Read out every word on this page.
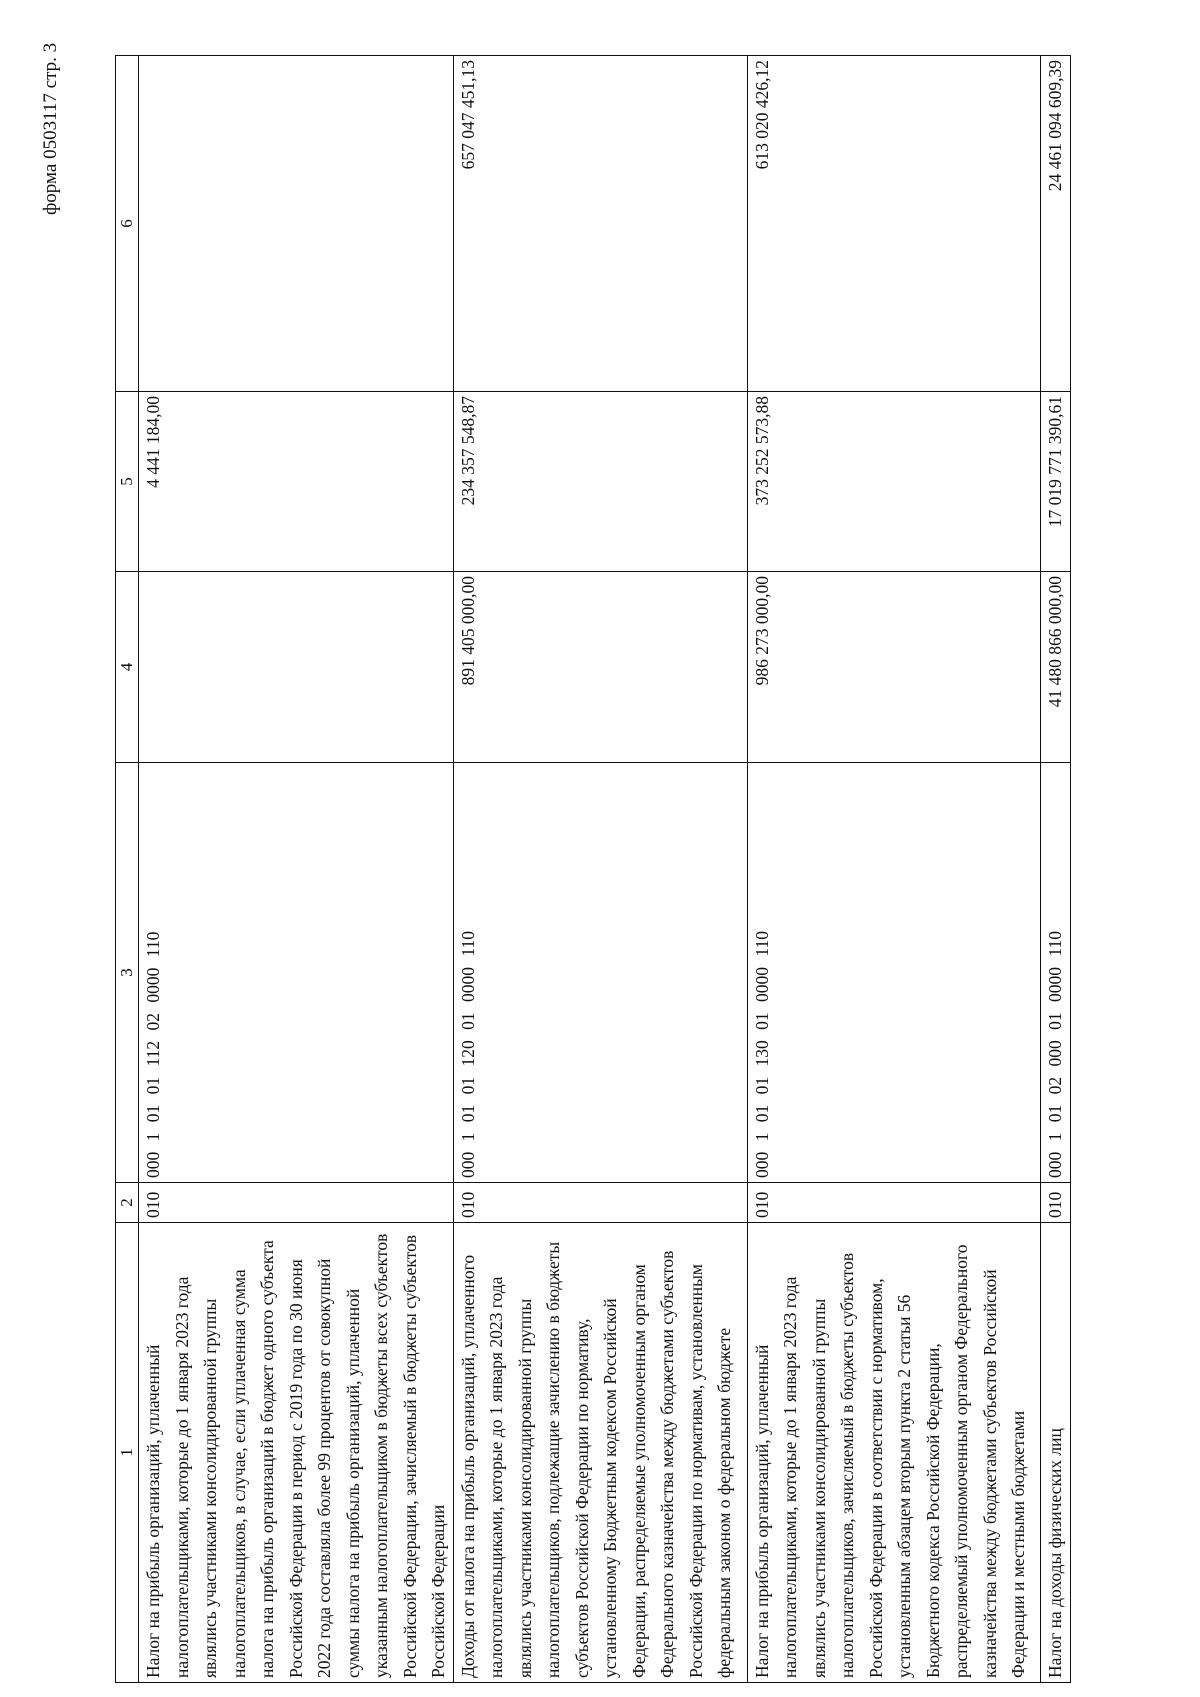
форма 0503117 стр. 3
1	2	3	4	5	6

Налог на прибыль организаций, уплаченный налогоплательщиками, которые до 1 января 2023 года являлись участниками консолидированной группы налогоплательщиков, в случае, если уплаченная сумма налога на прибыль организаций в бюджет одного субъекта Российской Федерации в период с 2019 года по 30 июня 2022 года составляла более 99 процентов от совокупной суммы налога на прибыль организаций, уплаченной указанным налогоплательщиком в бюджеты всех субъектов Российской Федерации, зачисляемый в бюджеты субъектов Российской Федерации	010	000 1 01 01 112 02 0000 110		4 441 184,00	

Доходы от налога на прибыль организаций, уплаченного налогоплательщиками, которые до 1 января 2023 года являлись участниками консолидированной группы налогоплательщиков, подлежащие зачислению в бюджеты субъектов Российской Федерации по нормативу, установленному Бюджетным кодексом Российской Федерации, распределяемые уполномоченным органом Федерального казначейства между бюджетами субъектов Российской Федерации по нормативам, установленным федеральным законом о федеральном бюджете	010	000 1 01 01 120 01 0000 110	891 405 000,00	234 357 548,87	657 047 451,13

Налог на прибыль организаций, уплаченный налогоплательщиками, которые до 1 января 2023 года являлись участниками консолидированной группы налогоплательщиков, зачисляемый в бюджеты субъектов Российской Федерации в соответствии с нормативом, установленным абзацем вторым пункта 2 статьи 56 Бюджетного кодекса Российской Федерации, распределяемый уполномоченным органом Федерального казначейства между бюджетами субъектов Российской Федерации и местными бюджетами	010	000 1 01 01 130 01 0000 110	986 273 000,00	373 252 573,88	613 020 426,12

Налог на доходы физических лиц	010	000 1 01 02 000 01 0000 110	41 480 866 000,00	17 019 771 390,61	24 461 094 609,39
